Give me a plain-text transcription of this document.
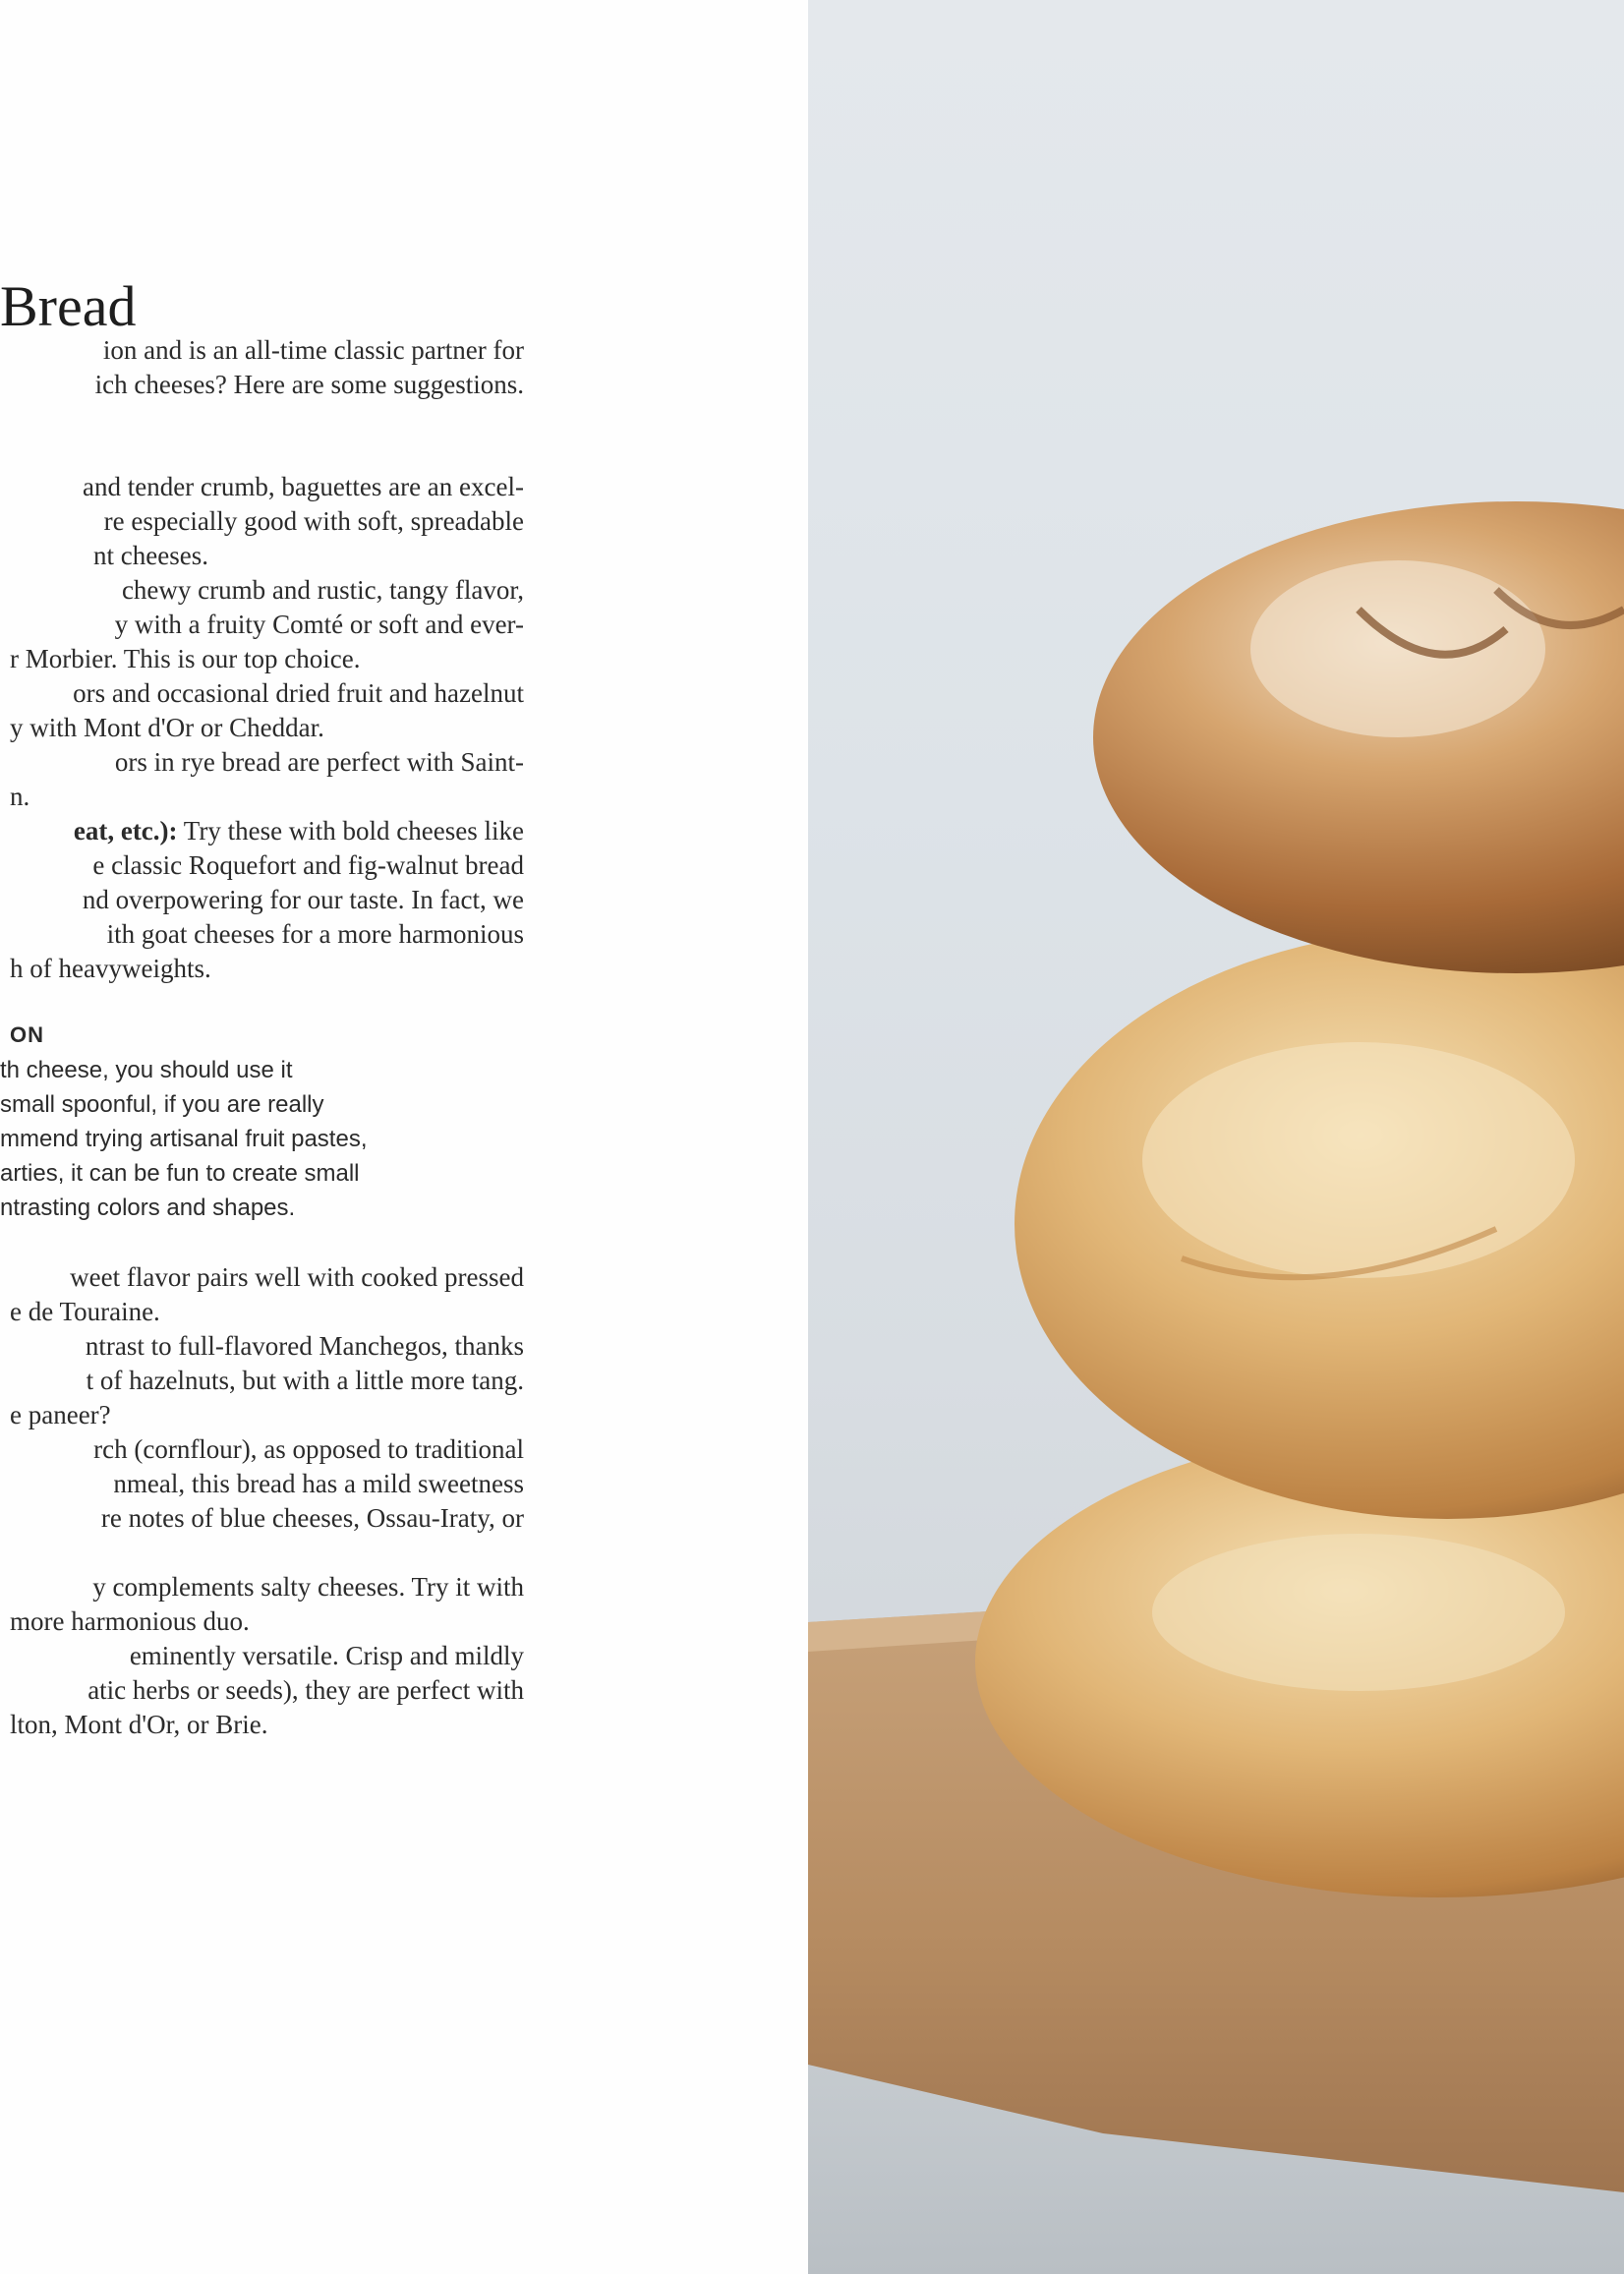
Bread
ion and is an all-time classic partner for
ich cheeses? Here are some suggestions.
and tender crumb, baguettes are an excel-
re especially good with soft, spreadable
nt cheeses.
chewy crumb and rustic, tangy flavor,
y with a fruity Comté or soft and ever-
r Morbier. This is our top choice.
ors and occasional dried fruit and hazelnut
y with Mont d'Or or Cheddar.
ors in rye bread are perfect with Saint-
n.
eat, etc.): Try these with bold cheeses like
e classic Roquefort and fig-walnut bread
nd overpowering for our taste. In fact, we
ith goat cheeses for a more harmonious
h of heavyweights.
ON
th cheese, you should use it
small spoonful, if you are really
mmend trying artisanal fruit pastes,
arties, it can be fun to create small
ntrasting colors and shapes.
weet flavor pairs well with cooked pressed
e de Touraine.
ntrast to full-flavored Manchegos, thanks
t of hazelnuts, but with a little more tang.
e paneer?
rch (cornflour), as opposed to traditional
nmeal, this bread has a mild sweetness
re notes of blue cheeses, Ossau-Iraty, or
y complements salty cheeses. Try it with
more harmonious duo.
eminently versatile. Crisp and mildly
atic herbs or seeds), they are perfect with
lton, Mont d'Or, or Brie.
